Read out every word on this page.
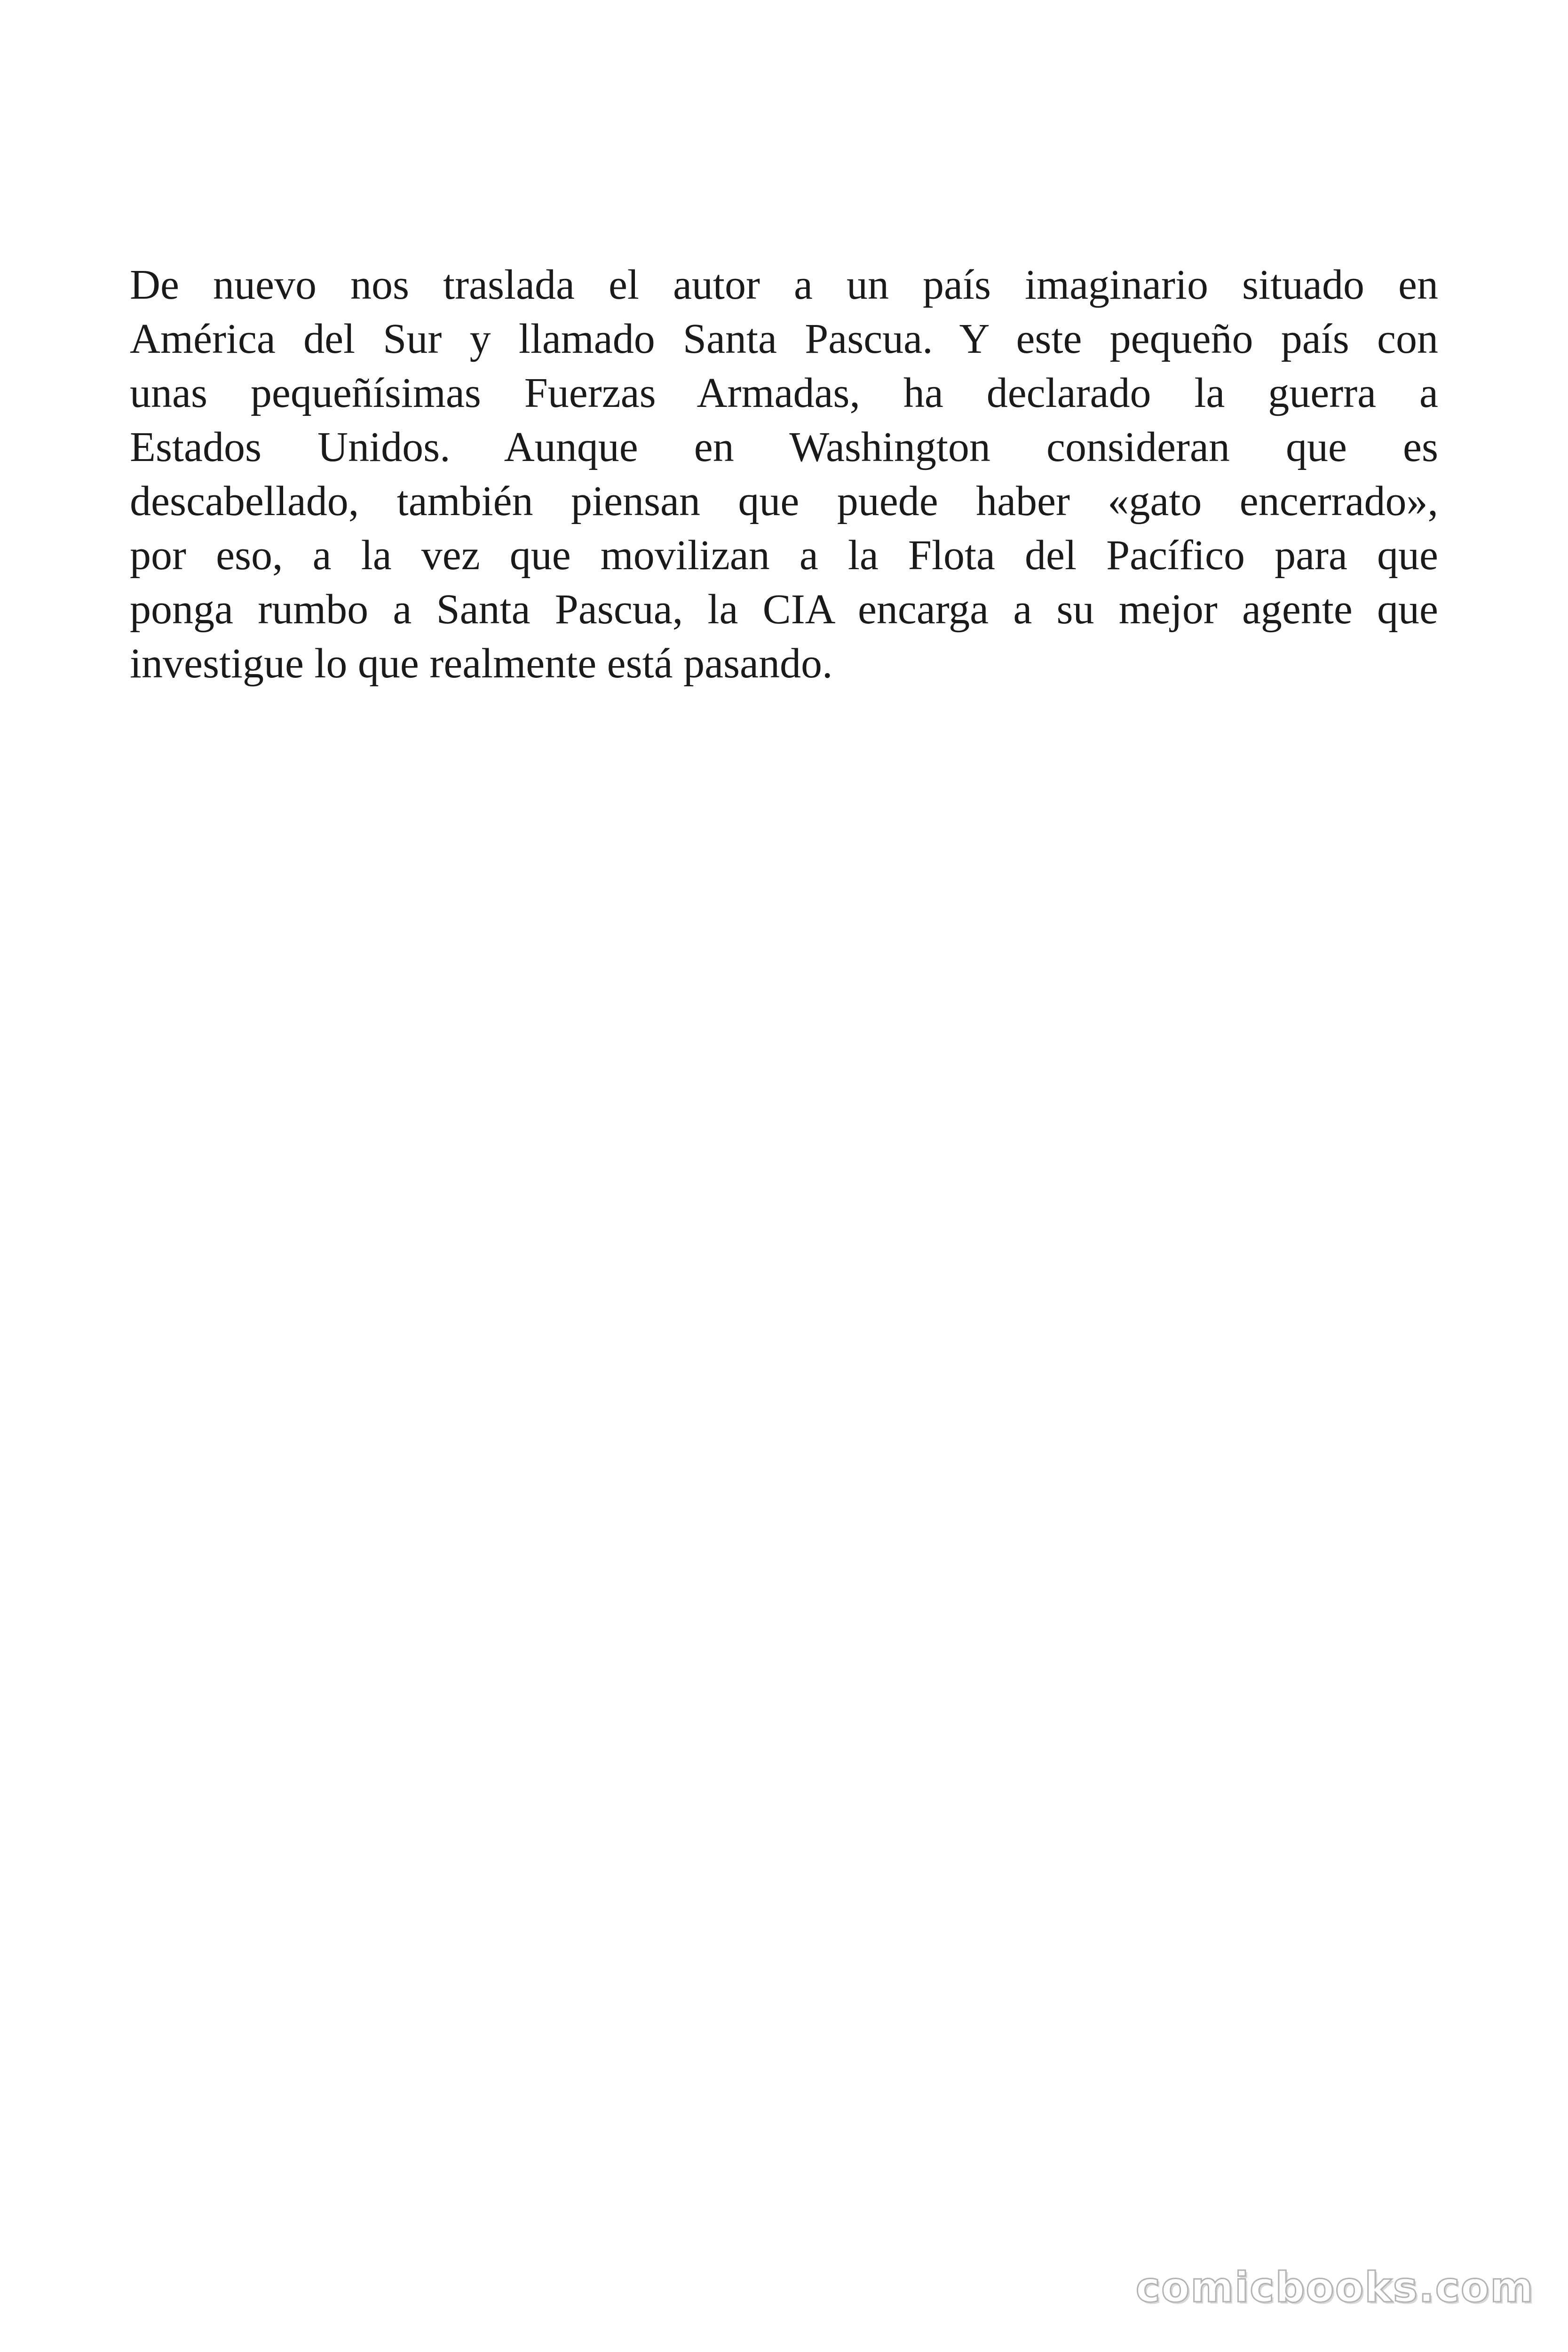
De nuevo nos traslada el autor a un país imaginario situado en
América del Sur y llamado Santa Pascua. Y este pequeño país con
unas pequeñísimas Fuerzas Armadas, ha declarado la guerra a
Estados Unidos. Aunque en Washington consideran que es
descabellado, también piensan que puede haber «gato encerrado»,
por eso, a la vez que movilizan a la Flota del Pacífico para que
ponga rumbo a Santa Pascua, la CIA encarga a su mejor agente que
investigue lo que realmente está pasando.
comicbooks.com
